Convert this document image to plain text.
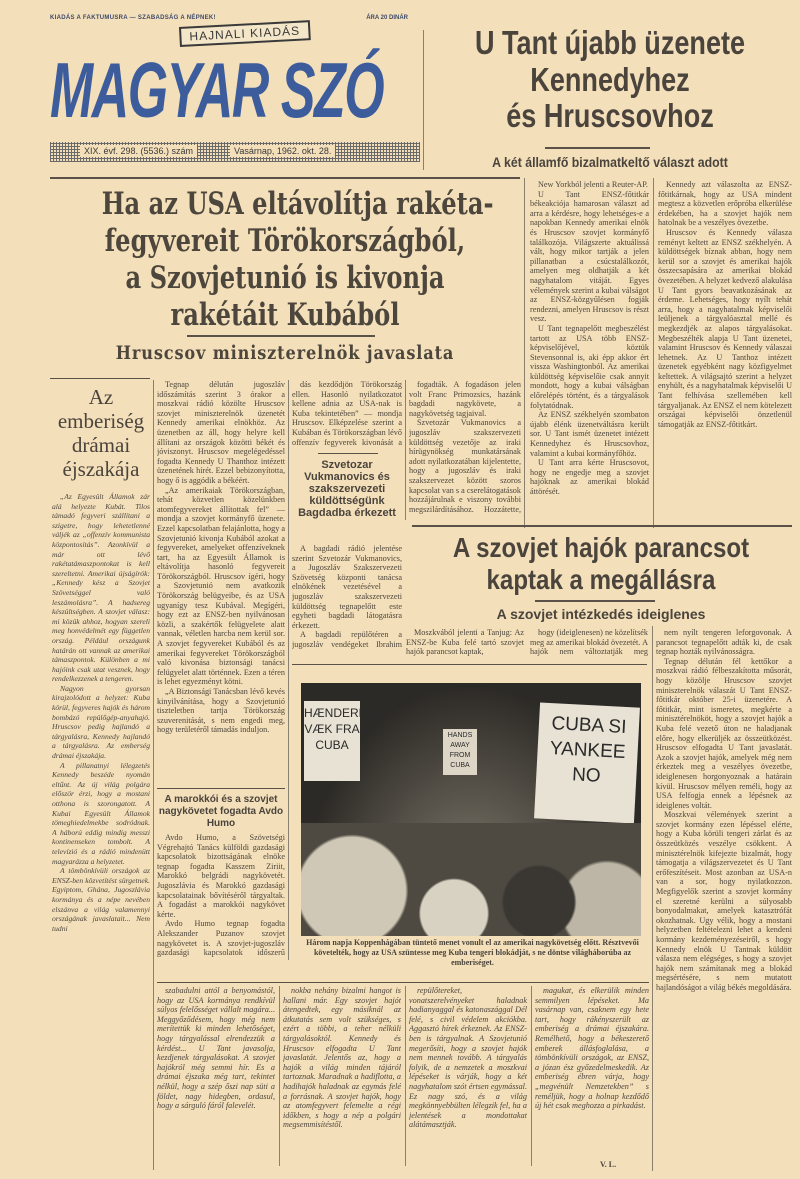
KIADÁS A FAKTUMUSRA — SZABADSÁG A NÉPNEK!	ÁRA 20 DINÁR
HAJNALI KIADÁS
MAGYAR SZÓ
XIX. évf. 298. (5536.) szám	Vasárnap, 1962. okt. 28.
U Tant újabb üzenete
Kennedyhez
és Hruscsovhoz
A két államfő bizalmatkeltő választ adott

New Yorkból jelenti a Reuter-AP.

U Tant ENSZ-főtitkár békeakciója hamarosan választ ad arra a kérdésre, hogy lehetséges-e a napokban Kennedy amerikai elnök és Hruscsov szovjet kormányfő találkozója. Világszerte aktuálissá vált, hogy mikor tartják a jelen pillanatban a csúcstalálkozót, amelyen meg oldhatják a két nagyhatalom vitáját. Egyes vélemények szerint a kubai válságot az ENSZ-közgyűlésen fogják rendezni, amelyen Hruscsov is részt vesz.

U Tant tegnapelőtt megbeszélést tartott az USA több ENSZ-képviselőjével, köztük Stevensonnal is, aki épp akkor ért vissza Washingtonból. Az amerikai küldöttség képviselőie csak annyit mondott, hogy a kubai válságban előrelépés történt, és a tárgyalások folytatódnak.

Az ENSZ székhelyén szombaton újabb élénk üzenetváltásra került sor. U Tant ismét üzenetet intézett Kennedyhez és Hruscsovhoz, valamint a kubai kormányfőhöz.

U Tant arra kérte Hruscsovot, hogy ne engedje meg a szovjet hajóknak az amerikai blokád áttörését.

Kennedy azt válaszolta az ENSZ-főtitkárnak, hogy az USA mindent megtesz a közvetlen erőpróba elkerülése érdekében, ha a szovjet hajók nem hatolnak be a veszélyes övezetbe.

Hruscsov és Kennedy válasza reményt keltett az ENSZ székhelyén. A küldöttségek bíznak abban, hogy nem kerül sor a szovjet és amerikai hajók összecsapására az amerikai blokád övezetében. A helyzet kedvező alakulása U Tant gyors beavatkozásának az érdeme. Lehetséges, hogy nyílt tehát arra, hogy a nagyhatalmak képviselői leüljenek a tárgyalóasztal mellé és megkezdjék az alapos tárgyalásokat. Megbeszélték alapja U Tant üzenetei, valamint Hruscsov és Kennedy válaszai lehetnek. Az U Tanthoz intézett üzenetek egyébként nagy közfigyelmet keltettek. A világsajtó szerint a helyzet enyhült, és a nagyhatalmak képviselői U Tant felhívása szellemében kell tárgyaljanak. Az ENSZ el nem kötelezett országai képviselői önzetlenül támogatják az ENSZ-főtitkárt.

Ha az USA eltávolítja rakéta-
fegyvereit Törökországból,
a Szovjetunió is kivonja
rakétáit Kubából
Hruscsov miniszterelnök javaslata
Az emberiség drámai éjszakája

„Az Egyesült Államok zár alá helyezte Kubát. Tilos támadó fegyveri szállítani a szigetre, hogy lehetetlenné váljék az „offenzív kommunista központosítás”. Azonkívül a már ott lévő rakétatámaszpontokat is kell szereltetni. Amerikai újságírók: „Kennedy kész a Szovjet Szövetséggel való leszámolásra”. A hadsereg készültségben. A szovjet válasz: mi közük ahhoz, hogyan szereli meg honvédelmét egy független ország. Például országunk határán ott vannak az amerikai támaszpontok. Különben a mi hajóink csak utat vesznek, hogy rendelkezzenek a tengeren.

Nagyon gyorsan kirajzolódott a helyzet: Kuba körül, fegyveres hajók és három bombázó repülőgép-anyahajó. Hruscsov pedig hajlandó a tárgyalásra, Kennedy hajlandó a tárgyalásra. Az emberség drámai éjszakája.

A pillanatnyi lélegzetés Kennedy beszéde nyomán eltűnt. Az új világ polgára először érzi, hogy a mostani otthona is szorongatott. A Kubai Egyesült Államok tömeghiedelmekbe sodródnak. A háború eddig mindig messzi kontinenseken tombolt. A televízió és a rádió mindenütt magyarázza a helyzetet.

A tömbönkívüli országok az ENSZ-ben közvetítést sürgetnek. Egyiptom, Ghána, Jugoszlávia kormánya és a népe nevében elszánva a világ valamennyi országának javaslatait... Nem tudni

Tegnap délután jugoszláv időszámítás szerint 3 órakor a moszkvai rádió közölte Hruscsov szovjet miniszterelnök üzenetét Kennedy amerikai elnökhöz. Az üzenetben az áll, hogy helyre kell állítani az országok közötti békét és jóviszonyt. Hruscsov megelégedéssel fogadta Kennedy U Thanthoz intézett üzenetének hírét. Ezzel bebizonyította, hogy ő is aggódik a békéért.

„Az amerikaiak Törökországban, tehát közvetlen közelünkben atomfegyvereket állítottak fel” — mondja a szovjet kormányfő üzenete. Ezzel kapcsolatban felajánlotta, hogy a Szovjetunió kivonja Kubából azokat a fegyvereket, amelyeket offenzíveknek tart, ha az Egyesült Államok is eltávolítja hasonló fegyvereit Törökországból. Hruscsov ígéri, hogy a Szovjetunió nem avatkozik Törökország belügyeibe, és az USA ugyanígy tesz Kubával. Megígéri, hogy ezt az ENSZ-ben nyilvánosan közli, a szakértők felügyelete alatt vannak, véletlen harcba nem kerül sor. A szovjet fegyvereket Kubából és az amerikai fegyvereket Törökországból való kivonása biztonsági tanácsi felügyelet alatt történnek. Ezen a téren is lehet egyezményt kötni.

„A Biztonsági Tanácsban lévő kevés kinyilvánítása, hogy a Szovjetunió tiszteletben tartja Törökország szuverenitását, s nem engedi meg, hogy területéről támadás induljon.

A marokkói és a szovjet nagykövetet fogadta Avdo Humo

Avdo Humo, a Szövetségi Végrehajtó Tanács külföldi gazdasági kapcsolatok bizottságának elnöke tegnap fogadta Kasszem Ziriit, Marokkó belgrádi nagykövetét. Jugoszlávia és Marokkó gazdasági kapcsolatainak bővítéséről tárgyaltak. A fogadást a marokkói nagykövet kérte.

Avdo Humo tegnap fogadta Alekszander Puzanov szovjet nagykövetet is. A szovjet-jugoszláv gazdasági kapcsolatok időszerű

dás kezdődjön Törökország ellen. Hasonló nyilatkozatot kellene adnia az USA-nak is Kuba tekintetében” — mondja Hruscsov. Elképzelése szerint a Kubában és Törökországban lévő offenzív fegyverek kivonását a

Szvetozar Vukmanovics és szakszervezeti küldöttségünk Bagdadba érkezett

A bagdadi rádió jelentése szerint Szvetozár Vukmanovics, a Jugoszláv Szakszervezeti Szövetség központi tanácsa elnökének vezetésével a jugoszláv szakszervezeti küldöttség tegnapelőtt este egyheti bagdadi látogatásra érkezett.

A bagdadi repülőtéren a jugoszláv vendégeket Ibrahim

fogadták. A fogadáson jelen volt Franc Primozsics, hazánk bagdadi nagykövete, a nagykövetség tagjaival.

Szvetozár Vukmanovics a jugoszláv szakszervezeti küldöttség vezetője az iraki hírügynökség munkatársának adott nyilatkozatában kijelentette, hogy a jugoszláv és iraki szakszervezet között szoros kapcsolat van s a cserelátogatások hozzájárulnak e viszony további megszilárdításához. Hozzátette,

A szovjet hajók parancsot
kaptak a megállásra
A szovjet intézkedés ideiglenes

Moszkvából jelenti a Tanjug: Az ENSZ-be Kuba felé tartó szovjet hajók parancsot kaptak,

hogy (ideiglenesen) ne közelítsék meg az amerikai blokád övezetét. A hajók nem változtatják meg

nem nyílt tengeren leforgovonak. A parancsot tegnapelőtt adták ki, de csak tegnap hozták nyilvánosságra.

Tegnap délután fél kettőkor a moszkvai rádió félbeszakította műsorát, hogy közölje Hruscsov szovjet miniszterelnök válaszát U Tant ENSZ-főtitkár október 25-i üzenetére. A főtitkár, mint ismeretes, megkérte a minisztérelnököt, hogy a szovjet hajók a Kuba felé vezető úton ne haladjanak előre, hogy elkerüljék az összeütközést. Hruscsov elfogadta U Tant javaslatát. Azok a szovjet hajók, amelyek még nem érkeztek meg a veszélyes övezetbe, ideiglenesen horgonyoznak a határain kívül. Hruscsov mélyen reméli, hogy az USA felfogja ennek a lépésnek az ideiglenes voltát.

Moszkvai vélemények szerint a szovjet kormány ezen lépéssel elérte, hogy a Kuba körüli tengeri zárlat és az összeütközés veszélye csökkent. A minisztérelnök kifejezte bizalmát, hogy támogatja a világszervezetet és U Tant erőfeszítéseit. Most azonban az USA-n van a sor, hogy nyilatkozzon. Megfigyelők szerint a szovjet kormány el szeretné kerülni a súlyosabb bonyodalmakat, amelyek katasztrófát okozhatnak. Ugy vélik, hogy a mostani helyzetben feltételezni lehet a kendeni kormány kezdeményezéseiről, s hogy Kennedy elnök U Tantnak küldött válasza nem elégséges, s hogy a szovjet hajók nem számítanak meg a blokád megsértésére, s nem mutatott hajlandóságot a világ békés megoldására.

HÆNDERNE VÆK FRA CUBA
HANDS AWAY FROM CUBA
CUBA SI YANKEE NO
Három napja Koppenhágában tüntető menet vonult el az amerikai nagykövetség előtt. Résztvevői követelték, hogy az USA szüntesse meg Kuba tengeri blokádját, s ne döntse világháborúba az emberiséget.

szabadulni attól a benyomástól, hogy az USA kormánya rendkívül súlyos felelősséget vállalt magára... Meggyőződésem, hogy még nem merítettük ki minden lehetőséget, hogy tárgyalással elrendezzük a kérdést... U Tant javasolja, kezdjenek tárgyalásokat. A szovjet hajókról még semmi hír. Es a drámai éjszaka még tart, tekintet nélkül, hogy a szép őszi nap süti a földet, nagy hidegben, ordasul, hogy a sárguló fáról falevelét.

nokba nehány bizalmi hangot is hallani már. Egy szovjet hajót átengedtek, egy másiknál az átkutatás sem volt szükséges, s ezért a többi, a teher nélküli tárgyalásoktól. Kennedy és Hruscsov elfogadta U Tant javaslatát. Jelentős az, hogy a hajók a világ minden tájáról tartoznak. Maradnak a hadiflotta, a hadihajók haladnak az egymás felé a forrásnak. A szovjet hajók, hogy az atomfegyvert felemelte a régi időkben, s hogy a nép a polgári megsemmisítéstől.

repülőtereket, vonatszerelvényeket haladnak hadianyaggal és katonaszággal Dél felé, s civil védelem akciókba. Aggasztó hírek érkeznek. Az ENSZ-ben is tárgyalnak. A Szovjetunió megerősíti, hogy a szovjet hajók nem mennek tovább. A tárgyalás folyik, de a nemzetek a moszkvai lépéseket is várják, hogy a két nagyhatalom szót értsen egymással. Ez nagy szó, és a világ megkönnyebbülten lélegzik fel, ha a jelentések a mondottakat alátámasztják.

magukat, és elkerülik minden semmilyen lépéseket. Ma vasárnap van, csaknem egy hete tart, hogy rákényszerült az emberiség a drámai éjszakára. Remélhető, hogy a békeszerető emberek állásfoglalása, a tömbönkívüli országok, az ENSZ, a józan ész győzedelmeskedik. Az emberiség ébren várja, hogy „megvénült Nemzetekben” s reméljük, hogy a holnap kezdődő új hét csak meghozza a pirkadást.

V. L.
